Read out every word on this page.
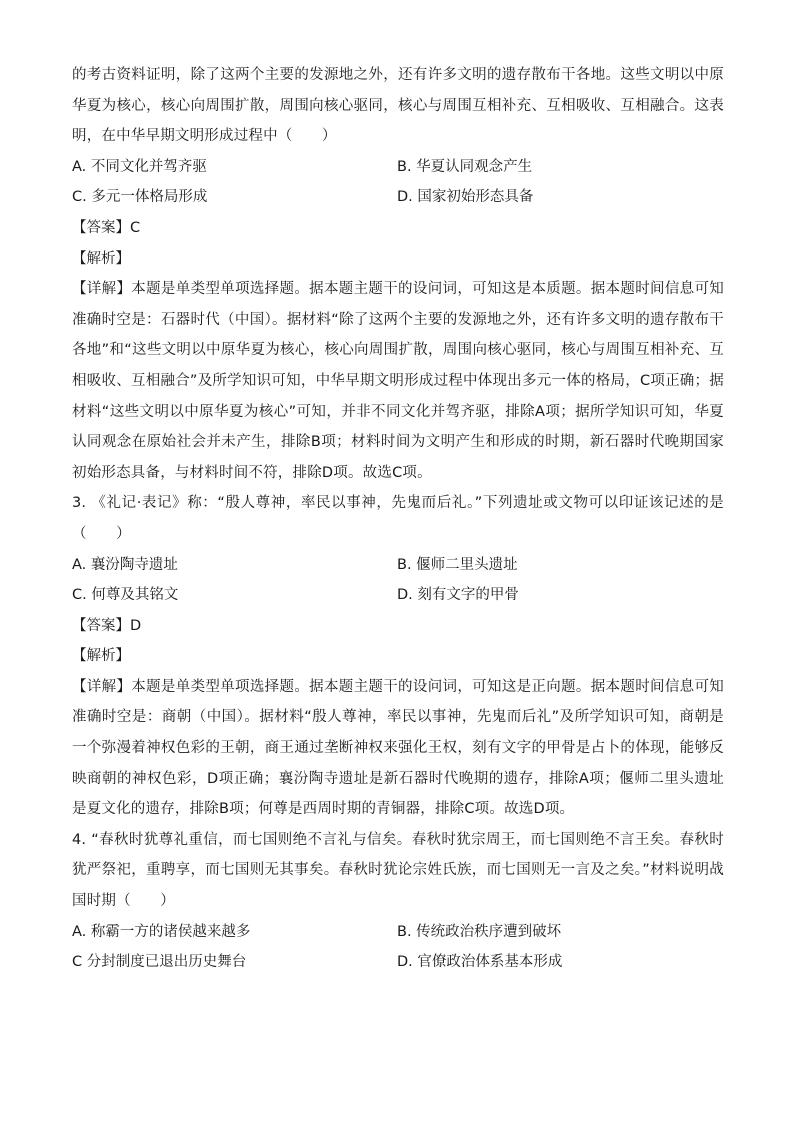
的考古资料证明，除了这两个主要的发源地之外，还有许多文明的遗存散布干各地。这些文明以中原华夏为核心，核心向周围扩散，周围向核心驱同，核心与周围互相补充、互相吸收、互相融合。这表明，在中华早期文明形成过程中（　　）

A. 不同文化并驾齐驱	B. 华夏认同观念产生
C. 多元一体格局形成	D. 国家初始形态具备

【答案】C

【解析】

【详解】本题是单类型单项选择题。据本题主题干的设问词，可知这是本质题。据本题时间信息可知准确时空是：石器时代（中国）。据材料“除了这两个主要的发源地之外，还有许多文明的遗存散布干各地”和“这些文明以中原华夏为核心，核心向周围扩散，周围向核心驱同，核心与周围互相补充、互相吸收、互相融合”及所学知识可知，中华早期文明形成过程中体现出多元一体的格局，C项正确；据材料“这些文明以中原华夏为核心”可知，并非不同文化并驾齐驱，排除A项；据所学知识可知，华夏认同观念在原始社会并未产生，排除B项；材料时间为文明产生和形成的时期，新石器时代晚期国家初始形态具备，与材料时间不符，排除D项。故选C项。

3. 《礼记·表记》称：“殷人尊神，率民以事神，先鬼而后礼。”下列遗址或文物可以印证该记述的是（　　）

A. 襄汾陶寺遗址	B. 偃师二里头遗址
C. 何尊及其铭文	D. 刻有文字的甲骨

【答案】D

【解析】

【详解】本题是单类型单项选择题。据本题主题干的设问词，可知这是正向题。据本题时间信息可知准确时空是：商朝（中国）。据材料“殷人尊神，率民以事神，先鬼而后礼”及所学知识可知，商朝是一个弥漫着神权色彩的王朝，商王通过垄断神权来强化王权，刻有文字的甲骨是占卜的体现，能够反映商朝的神权色彩，D项正确；襄汾陶寺遗址是新石器时代晚期的遗存，排除A项；偃师二里头遗址是夏文化的遗存，排除B项；何尊是西周时期的青铜器，排除C项。故选D项。

4. “春秋时犹尊礼重信，而七国则绝不言礼与信矣。春秋时犹宗周王，而七国则绝不言王矣。春秋时犹严祭祀，重聘享，而七国则无其事矣。春秋时犹论宗姓氏族，而七国则无一言及之矣。”材料说明战国时期（　　）

A. 称霸一方的诸侯越来越多	B. 传统政治秩序遭到破坏
C 分封制度已退出历史舞台	D. 官僚政治体系基本形成
